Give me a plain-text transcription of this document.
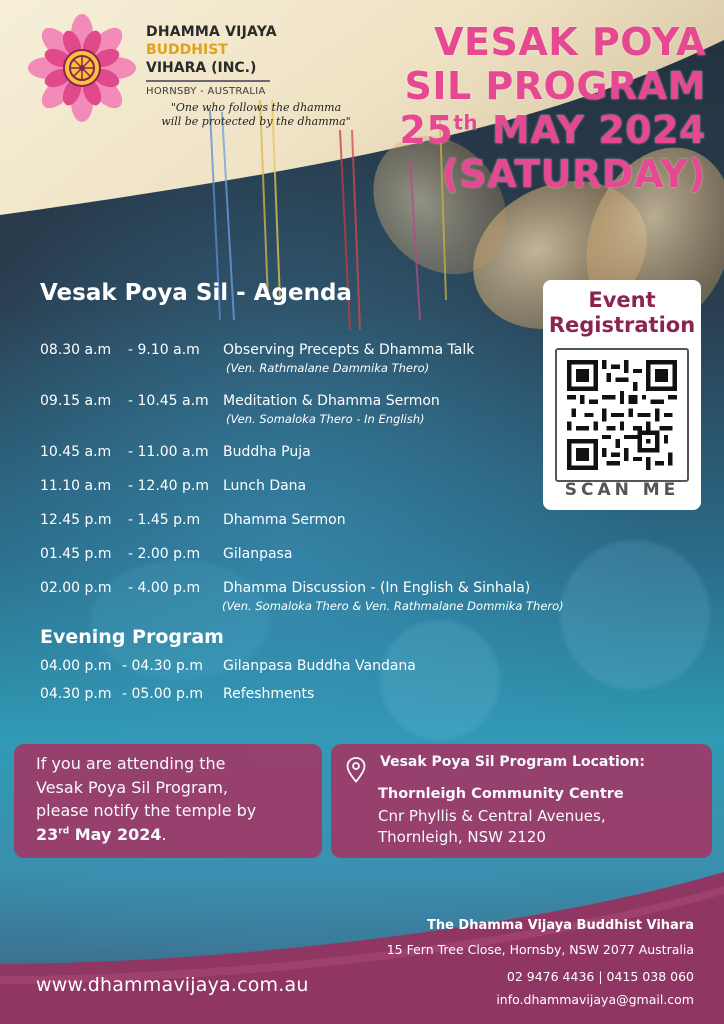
DHAMMA VIJAYA
BUDDHIST
VIHARA (INC.)
HORNSBY - AUSTRALIA
"One who follows the dhamma
will be protected by the dhamma"
VESAK POYA
SIL PROGRAM
25th MAY 2024
(SATURDAY)
Vesak Poya Sil - Agenda
08.30 a.m - 9.10 a.m Observing Precepts & Dhamma Talk
(Ven. Rathmalane Dammika Thero)
09.15 a.m - 10.45 a.m Meditation & Dhamma Sermon
(Ven. Somaloka Thero - In English)
10.45 a.m - 11.00 a.m Buddha Puja
11.10 a.m - 12.40 p.m Lunch Dana
12.45 p.m - 1.45 p.m Dhamma Sermon
01.45 p.m - 2.00 p.m Gilanpasa
02.00 p.m - 4.00 p.m Dhamma Discussion - (In English & Sinhala)
(Ven. Somaloka Thero & Ven. Rathmalane Dommika Thero)
Evening Program
04.00 p.m - 04.30 p.m Gilanpasa Buddha Vandana
04.30 p.m - 05.00 p.m Refeshments
Event
Registration
SCAN ME
If you are attending the
Vesak Poya Sil Program,
please notify the temple by
23rd May 2024.
Vesak Poya Sil Program Location:
Thornleigh Community Centre
Cnr Phyllis & Central Avenues,
Thornleigh, NSW 2120
The Dhamma Vijaya Buddhist Vihara
15 Fern Tree Close, Hornsby, NSW 2077 Australia
02 9476 4436 | 0415 038 060
info.dhammavijaya@gmail.com
www.dhammavijaya.com.au
